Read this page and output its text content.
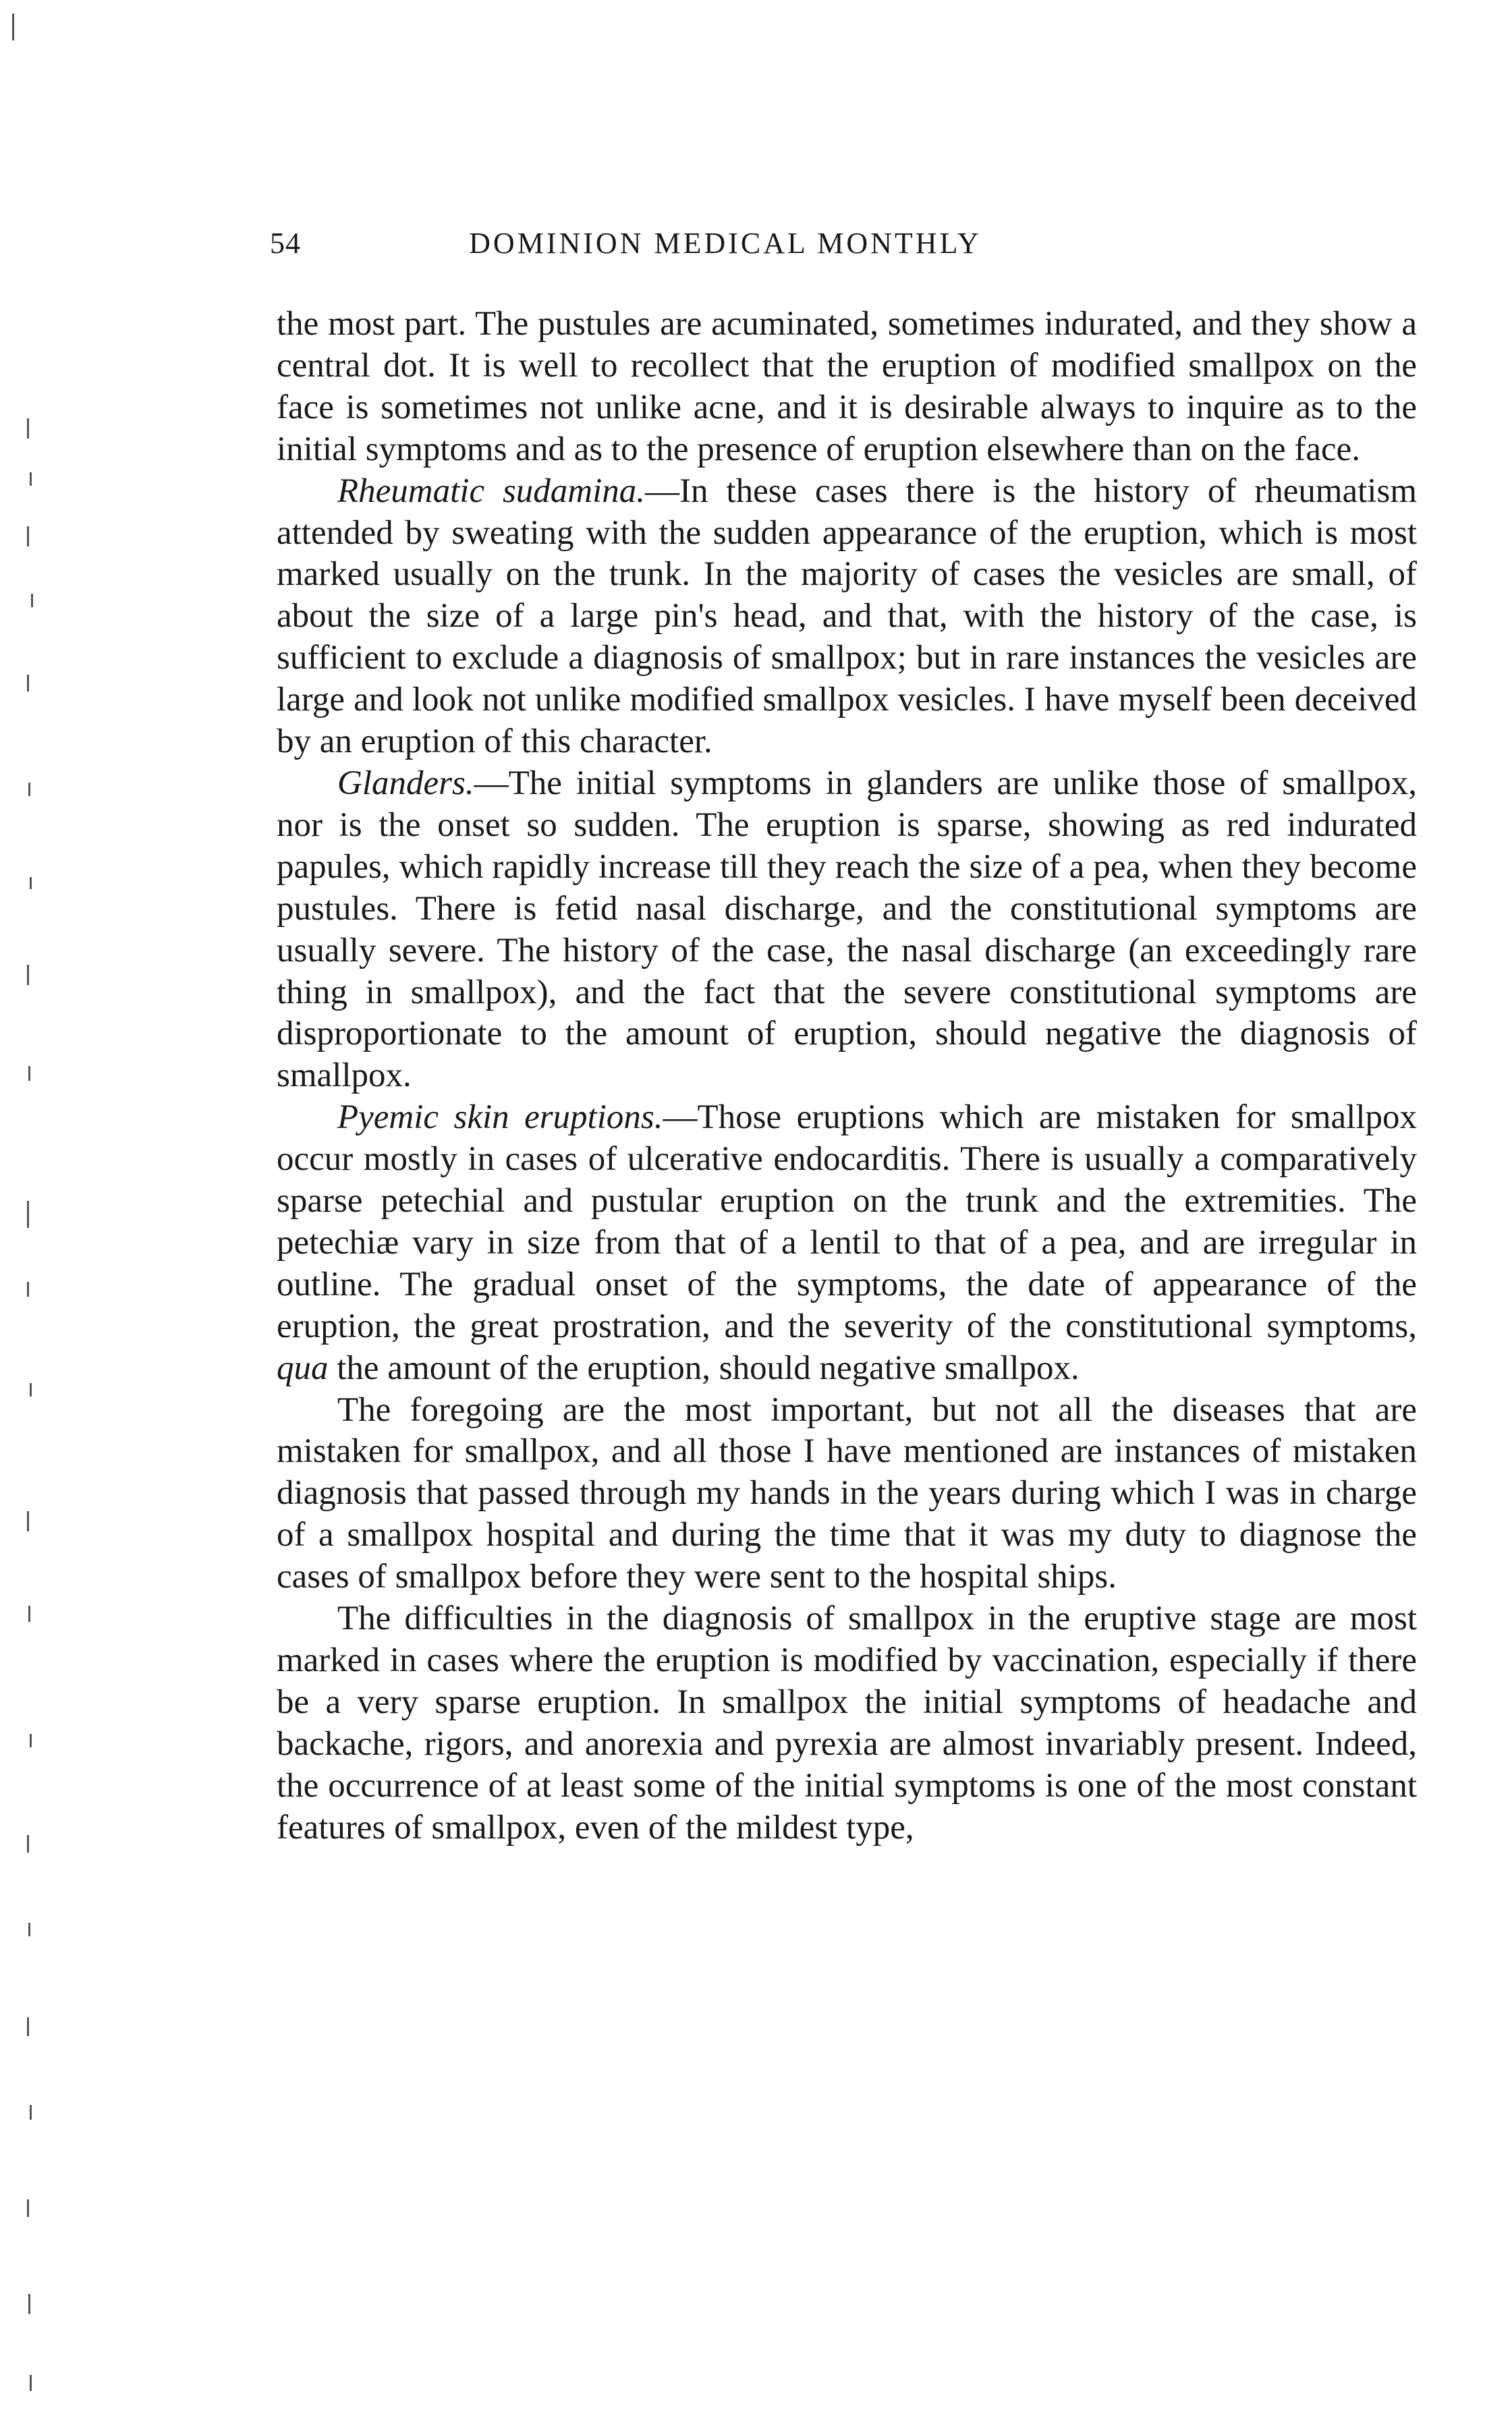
54	DOMINION MEDICAL MONTHLY

the most part. The pustules are acuminated, sometimes indurated, and they show a central dot. It is well to recollect that the eruption of modified smallpox on the face is sometimes not unlike acne, and it is desirable always to inquire as to the initial symptoms and as to the presence of eruption elsewhere than on the face.

Rheumatic sudamina.—In these cases there is the history of rheumatism attended by sweating with the sudden appearance of the eruption, which is most marked usually on the trunk. In the majority of cases the vesicles are small, of about the size of a large pin's head, and that, with the history of the case, is sufficient to exclude a diagnosis of smallpox; but in rare instances the vesicles are large and look not unlike modified smallpox vesicles. I have myself been deceived by an eruption of this character.

Glanders.—The initial symptoms in glanders are unlike those of smallpox, nor is the onset so sudden. The eruption is sparse, showing as red indurated papules, which rapidly increase till they reach the size of a pea, when they become pustules. There is fetid nasal discharge, and the constitutional symptoms are usually severe. The history of the case, the nasal discharge (an exceedingly rare thing in smallpox), and the fact that the severe constitutional symptoms are disproportionate to the amount of eruption, should negative the diagnosis of smallpox.

Pyemic skin eruptions.—Those eruptions which are mistaken for smallpox occur mostly in cases of ulcerative endocarditis. There is usually a comparatively sparse petechial and pustular eruption on the trunk and the extremities. The petechiæ vary in size from that of a lentil to that of a pea, and are irregular in outline. The gradual onset of the symptoms, the date of appearance of the eruption, the great prostration, and the severity of the constitutional symptoms, qua the amount of the eruption, should negative smallpox.

The foregoing are the most important, but not all the diseases that are mistaken for smallpox, and all those I have mentioned are instances of mistaken diagnosis that passed through my hands in the years during which I was in charge of a smallpox hospital and during the time that it was my duty to diagnose the cases of smallpox before they were sent to the hospital ships.

The difficulties in the diagnosis of smallpox in the eruptive stage are most marked in cases where the eruption is modified by vaccination, especially if there be a very sparse eruption. In smallpox the initial symptoms of headache and backache, rigors, and anorexia and pyrexia are almost invariably present. Indeed, the occurrence of at least some of the initial symptoms is one of the most constant features of smallpox, even of the mildest type,
